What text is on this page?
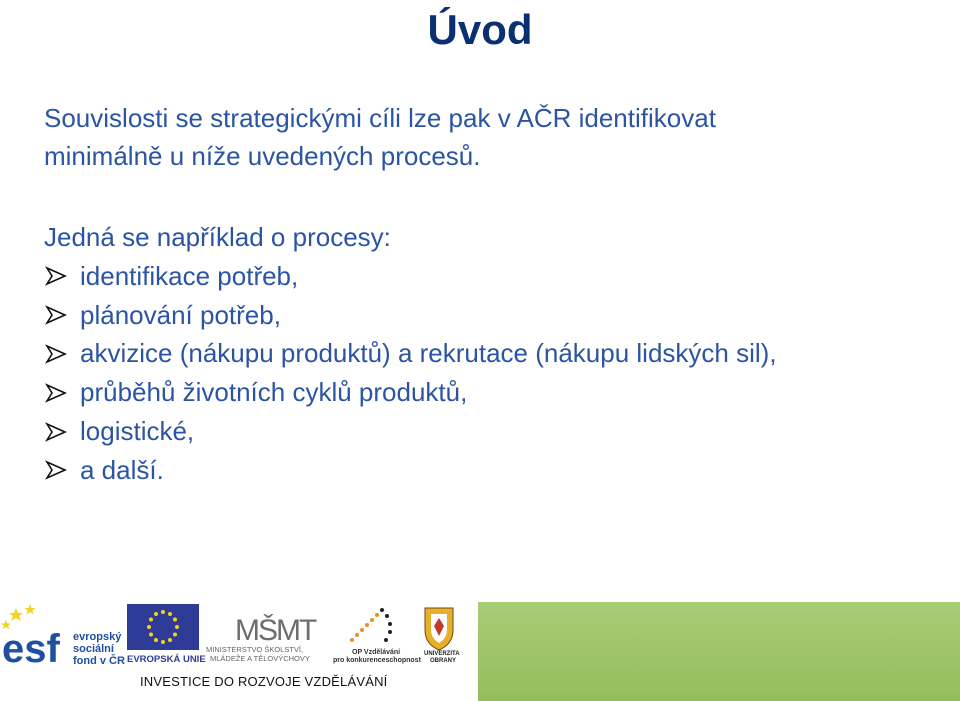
Úvod
Souvislosti se strategickými cíli lze pak v AČR identifikovat
minimálně u níže uvedených procesů.
Jedná se například o procesy:
identifikace potřeb,
plánování potřeb,
akvizice (nákupu produktů) a rekrutace (nákupu lidských sil),
průběhů životních cyklů produktů,
logistické,
a další.
esf evropský
sociální
fond v ČR EVROPSKÁ UNIE
MŠMT
MINISTERSTVO ŠKOLSTVÍ,
MLÁDEŽE A TĚLOVÝCHOVY
OP Vzdělávání
pro konkurenceschopnost
UNIVERZITA
OBRANY
INVESTICE DO ROZVOJE VZDĚLÁVÁNÍ
